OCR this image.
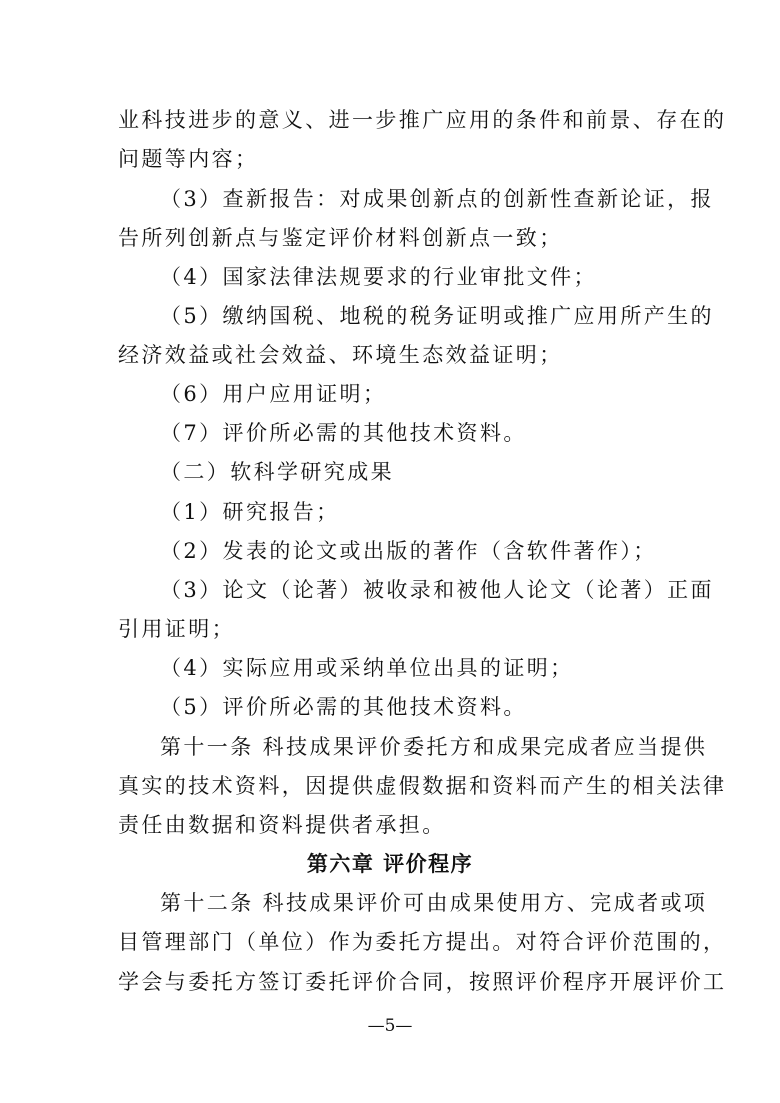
业科技进步的意义、进一步推广应用的条件和前景、存在的
问题等内容；
（3）查新报告：对成果创新点的创新性查新论证，报
告所列创新点与鉴定评价材料创新点一致；
（4）国家法律法规要求的行业审批文件；
（5）缴纳国税、地税的税务证明或推广应用所产生的
经济效益或社会效益、环境生态效益证明；
（6）用户应用证明；
（7）评价所必需的其他技术资料。
（二）软科学研究成果
（1）研究报告；
（2）发表的论文或出版的著作（含软件著作）；
（3）论文（论著）被收录和被他人论文（论著）正面
引用证明；
（4）实际应用或采纳单位出具的证明；
（5）评价所必需的其他技术资料。
第十一条 科技成果评价委托方和成果完成者应当提供
真实的技术资料，因提供虚假数据和资料而产生的相关法律
责任由数据和资料提供者承担。
第六章 评价程序
第十二条 科技成果评价可由成果使用方、完成者或项
目管理部门（单位）作为委托方提出。对符合评价范围的，
学会与委托方签订委托评价合同，按照评价程序开展评价工
—5—
